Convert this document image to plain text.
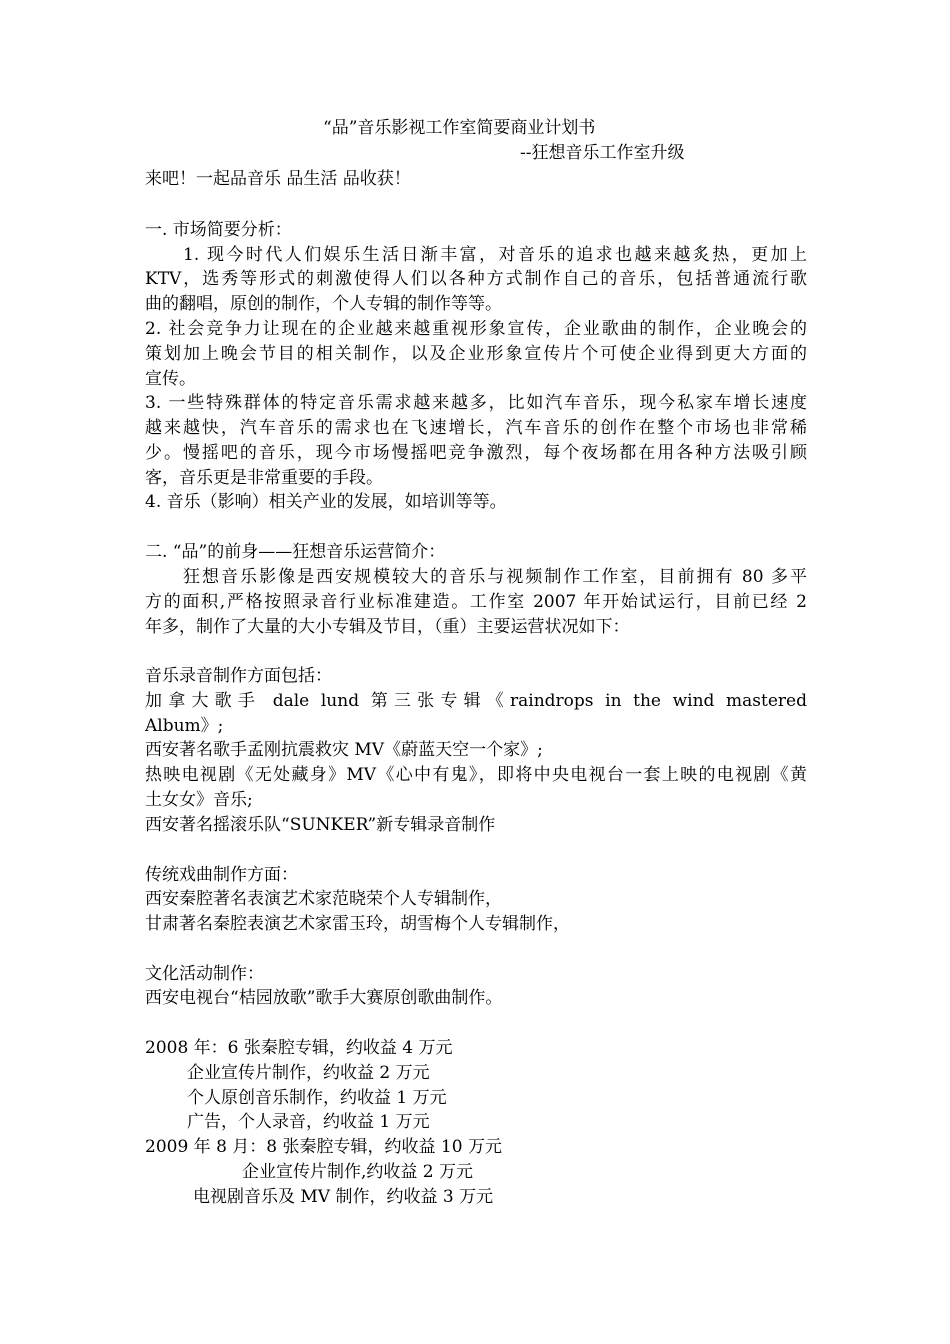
“品”音乐影视工作室简要商业计划书
--狂想音乐工作室升级
来吧！一起品音乐 品生活 品收获！
一. 市场简要分析：
1. 现今时代人们娱乐生活日渐丰富，对音乐的追求也越来越炙热，更加上
KTV，选秀等形式的刺激使得人们以各种方式制作自己的音乐，包括普通流行歌
曲的翻唱，原创的制作，个人专辑的制作等等。
2. 社会竞争力让现在的企业越来越重视形象宣传，企业歌曲的制作，企业晚会的
策划加上晚会节目的相关制作，以及企业形象宣传片个可使企业得到更大方面的
宣传。
3. 一些特殊群体的特定音乐需求越来越多，比如汽车音乐，现今私家车增长速度
越来越快，汽车音乐的需求也在飞速增长，汽车音乐的创作在整个市场也非常稀
少。慢摇吧的音乐，现今市场慢摇吧竞争激烈，每个夜场都在用各种方法吸引顾
客，音乐更是非常重要的手段。
4. 音乐（影响）相关产业的发展，如培训等等。
二. “品”的前身——狂想音乐运营简介：
狂想音乐影像是西安规模较大的音乐与视频制作工作室，目前拥有 80 多平
方的面积,严格按照录音行业标准建造。工作室 2007 年开始试运行，目前已经 2
年多，制作了大量的大小专辑及节目，（重）主要运营状况如下：
音乐录音制作方面包括：
加拿大歌手 dale lund 第三张专辑《raindrops in the wind mastered
Album》;
西安著名歌手孟刚抗震救灾 MV《蔚蓝天空一个家》;
热映电视剧《无处藏身》MV《心中有鬼》，即将中央电视台一套上映的电视剧《黄
土女女》音乐;
西安著名摇滚乐队“SUNKER”新专辑录音制作
传统戏曲制作方面：
西安秦腔著名表演艺术家范晓荣个人专辑制作，
甘肃著名秦腔表演艺术家雷玉玲，胡雪梅个人专辑制作，
文化活动制作：
西安电视台“桔园放歌”歌手大赛原创歌曲制作。
2008 年：6 张秦腔专辑，约收益 4 万元
企业宣传片制作，约收益 2 万元
个人原创音乐制作，约收益 1 万元
广告，个人录音，约收益 1 万元
2009 年 8 月：8 张秦腔专辑，约收益 10 万元
企业宣传片制作,约收益 2 万元
电视剧音乐及 MV 制作，约收益 3 万元
